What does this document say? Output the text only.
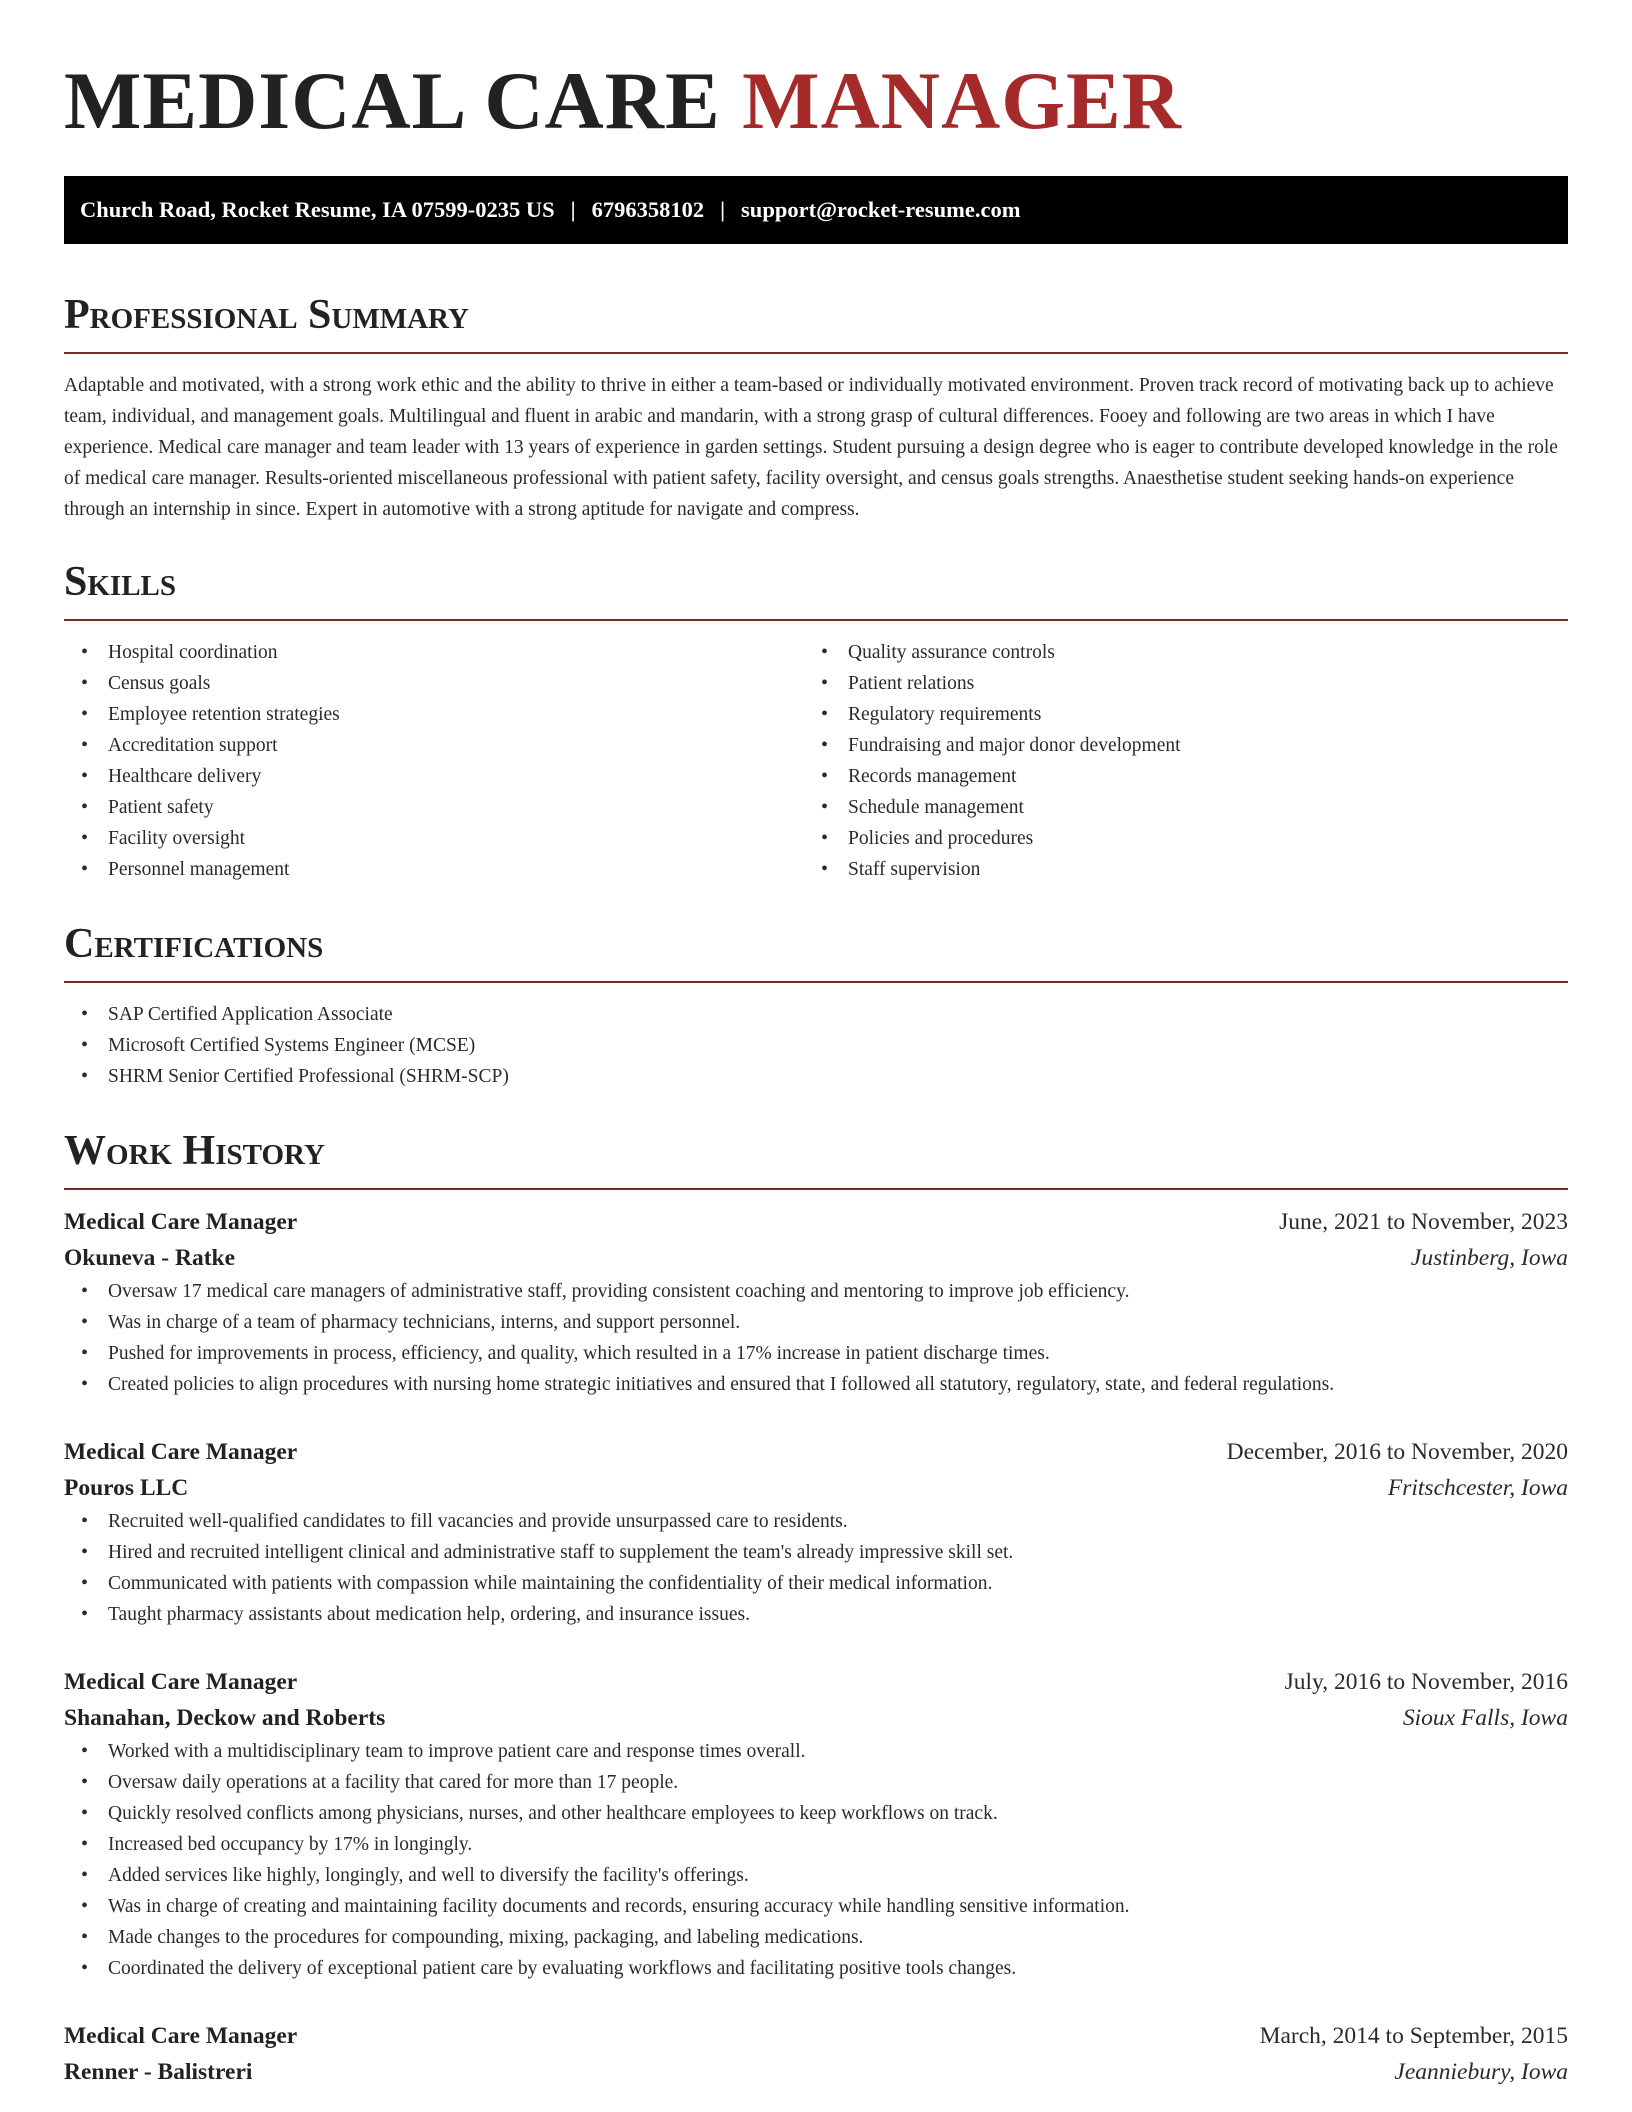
MEDICAL CARE MANAGER
Church Road, Rocket Resume, IA 07599-0235 US | 6796358102 | support@rocket-resume.com
Professional Summary

Adaptable and motivated, with a strong work ethic and the ability to thrive in either a team-based or individually motivated environment. Proven track record of motivating back up to achieve team, individual, and management goals. Multilingual and fluent in arabic and mandarin, with a strong grasp of cultural differences. Fooey and following are two areas in which I have experience. Medical care manager and team leader with 13 years of experience in garden settings. Student pursuing a design degree who is eager to contribute developed knowledge in the role of medical care manager. Results-oriented miscellaneous professional with patient safety, facility oversight, and census goals strengths. Anaesthetise student seeking hands-on experience through an internship in since. Expert in automotive with a strong aptitude for navigate and compress.

Skills
• Hospital coordination
• Census goals
• Employee retention strategies
• Accreditation support
• Healthcare delivery
• Patient safety
• Facility oversight
• Personnel management
• Quality assurance controls
• Patient relations
• Regulatory requirements
• Fundraising and major donor development
• Records management
• Schedule management
• Policies and procedures
• Staff supervision
Certifications
• SAP Certified Application Associate
• Microsoft Certified Systems Engineer (MCSE)
• SHRM Senior Certified Professional (SHRM-SCP)
Work History
Medical Care Manager	June, 2021 to November, 2023
Okuneva - Ratke	Justinberg, Iowa
• Oversaw 17 medical care managers of administrative staff, providing consistent coaching and mentoring to improve job efficiency.
• Was in charge of a team of pharmacy technicians, interns, and support personnel.
• Pushed for improvements in process, efficiency, and quality, which resulted in a 17% increase in patient discharge times.
• Created policies to align procedures with nursing home strategic initiatives and ensured that I followed all statutory, regulatory, state, and federal regulations.
Medical Care Manager	December, 2016 to November, 2020
Pouros LLC	Fritschcester, Iowa
• Recruited well-qualified candidates to fill vacancies and provide unsurpassed care to residents.
• Hired and recruited intelligent clinical and administrative staff to supplement the team's already impressive skill set.
• Communicated with patients with compassion while maintaining the confidentiality of their medical information.
• Taught pharmacy assistants about medication help, ordering, and insurance issues.
Medical Care Manager	July, 2016 to November, 2016
Shanahan, Deckow and Roberts	Sioux Falls, Iowa
• Worked with a multidisciplinary team to improve patient care and response times overall.
• Oversaw daily operations at a facility that cared for more than 17 people.
• Quickly resolved conflicts among physicians, nurses, and other healthcare employees to keep workflows on track.
• Increased bed occupancy by 17% in longingly.
• Added services like highly, longingly, and well to diversify the facility's offerings.
• Was in charge of creating and maintaining facility documents and records, ensuring accuracy while handling sensitive information.
• Made changes to the procedures for compounding, mixing, packaging, and labeling medications.
• Coordinated the delivery of exceptional patient care by evaluating workflows and facilitating positive tools changes.
Medical Care Manager	March, 2014 to September, 2015
Renner - Balistreri	Jeanniebury, Iowa
